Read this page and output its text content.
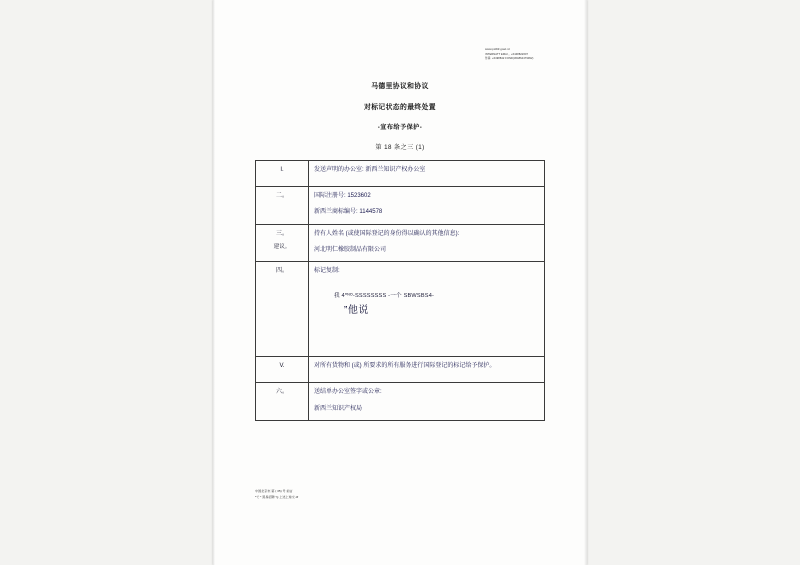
www.ipoWZ.gowt.nz
INTERNATT EMAI, , +6448822607
传真: +6498842 FOND(364864479092)
马德里协议和协议
对标记状态的最终处置
-宣布给予保护-
第 18 条之三 (1)
I.	发送声明的办公室: 新西兰知识产权办公室

二。	国际注册号: 1523602
新西兰商标编号: 1144578

三。
建议。	持有人姓名 (或使国际登记的身份得以确认的其他信息):
河北明仁橡胶制品有限公司

四。	标记复制:
我 4*ᴺᴼ-SSSSSSSS -一个 SBWSBS4-
”他说

V.	对所有货物和 (或) 所要求的所有服务进行国际登记的标记给予保护。

六。	送结单办公室签字或公章:
新西兰知识产权局
中国北京市,第 ( 35) 号 前言
*で * 黑易招聘 *g 上述上球交 df
